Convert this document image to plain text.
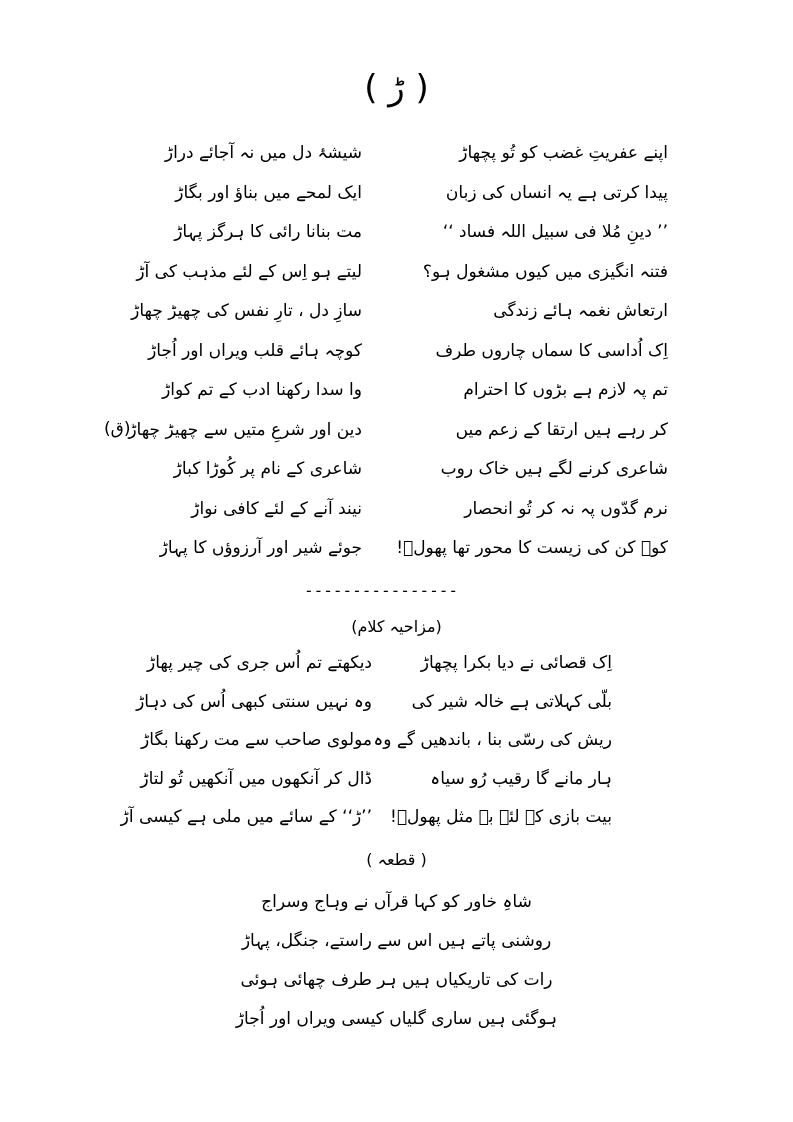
( ڑ )
اپنے عفریتِ غضب کو تُو پچھاڑ
شیشۂ دل میں نہ آجائے دراڑ
پیدا کرتی ہے یہ انساں کی زبان
ایک لمحے میں بناؤ اور بگاڑ
’’ دینِ مُلا فی سبیل اللہ فساد ‘‘
مت بنانا رائی کا ہرگز پہاڑ
فتنہ انگیزی میں کیوں مشغول ہو؟
لیتے ہو اِس کے لئے مذہب کی آڑ
ارتعاش نغمہ ہائے زندگی
سازِ دل ، تارِ نفس کی چھیڑ چھاڑ
اِک اُداسی کا سماں چاروں طرف
کوچہ ہائے قلب ویراں اور اُجاڑ
تم پہ لازم ہے بڑوں کا احترام
وا سدا رکھنا ادب کے تم کواڑ
کر رہے ہیں ارتقا کے زعم میں
دین اور شرعِ متیں سے چھیڑ چھاڑ
شاعری کرنے لگے ہیں خاک روب
شاعری کے نام پر کُوڑا کباڑ
نرم گدّوں پہ نہ کر تُو انحصار
نیند آنے کے لئے کافی نواڑ
کوہ کن کی زیست کا محور تھا پھولؔ!
جوئے شیر اور آرزوؤں کا پہاڑ
(ق)
----------------
(مزاحیہ کلام)
اِک قصائی نے دیا بکرا پچھاڑ
دیکھتے تم اُس جری کی چیر پھاڑ
بلّی کہلاتی ہے خالہ شیر کی
وہ نہیں سنتی کبھی اُس کی دہاڑ
ریش کی رسّی بنا ، باندھیں گے وہ
مولوی صاحب سے مت رکھنا بگاڑ
ہار مانے گا رقیب رُو سیاہ
ڈال کر آنکھوں میں آنکھیں تُو لتاڑ
بیت بازی کے لئے بے مثل پھولؔ!
’’ڑ‘‘ کے سائے میں ملی ہے کیسی آڑ
( قطعہ )
شاہِ خاور کو کہا قرآں نے وہاج وسراج
روشنی پاتے ہیں اس سے راستے، جنگل، پہاڑ
رات کی تاریکیاں ہیں ہر طرف چھائی ہوئی
ہوگئی ہیں ساری گلیاں کیسی ویراں اور اُجاڑ
